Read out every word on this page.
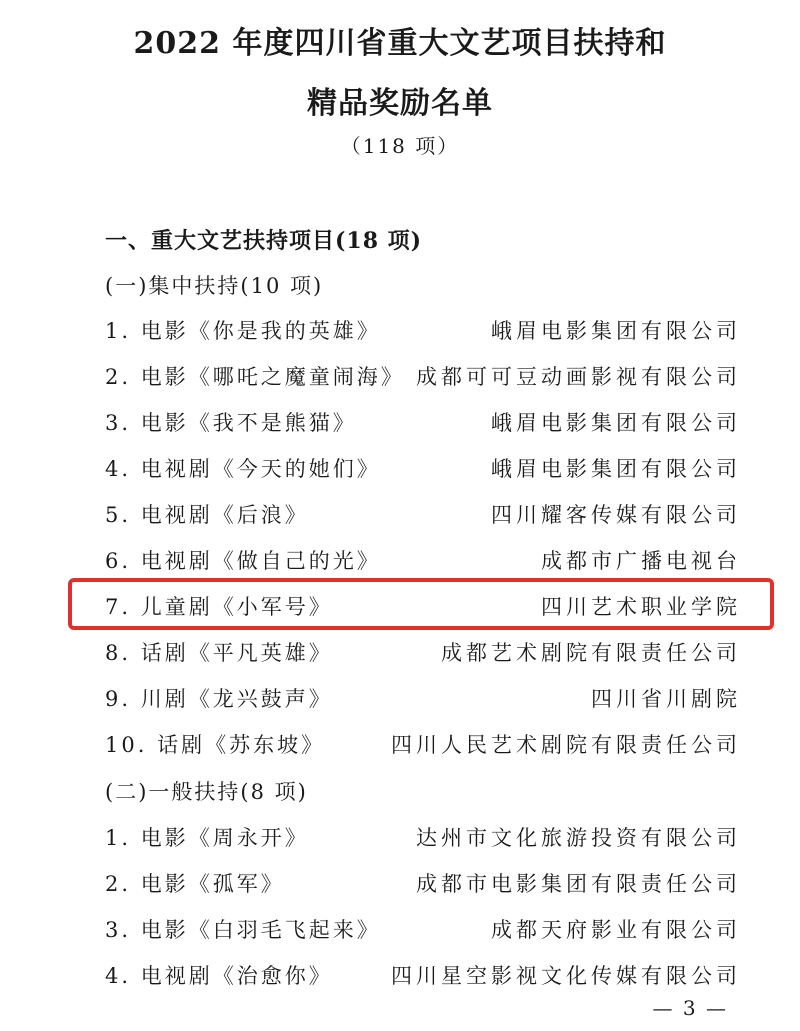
2022 年度四川省重大文艺项目扶持和
精品奖励名单
（118 项）
一、重大文艺扶持项目(18 项)
(一)集中扶持(10 项)
1. 电影《你是我的英雄》	峨眉电影集团有限公司
2. 电影《哪吒之魔童闹海》 成都可可豆动画影视有限公司
3. 电影《我不是熊猫》	峨眉电影集团有限公司
4. 电视剧《今天的她们》	峨眉电影集团有限公司
5. 电视剧《后浪》	四川耀客传媒有限公司
6. 电视剧《做自己的光》	成都市广播电视台
7. 儿童剧《小军号》	四川艺术职业学院
8. 话剧《平凡英雄》	成都艺术剧院有限责任公司
9. 川剧《龙兴鼓声》	四川省川剧院
10. 话剧《苏东坡》	四川人民艺术剧院有限责任公司
(二)一般扶持(8 项)
1. 电影《周永开》	达州市文化旅游投资有限公司
2. 电影《孤军》	成都市电影集团有限责任公司
3. 电影《白羽毛飞起来》	成都天府影业有限公司
4. 电视剧《治愈你》	四川星空影视文化传媒有限公司
— 3 —
